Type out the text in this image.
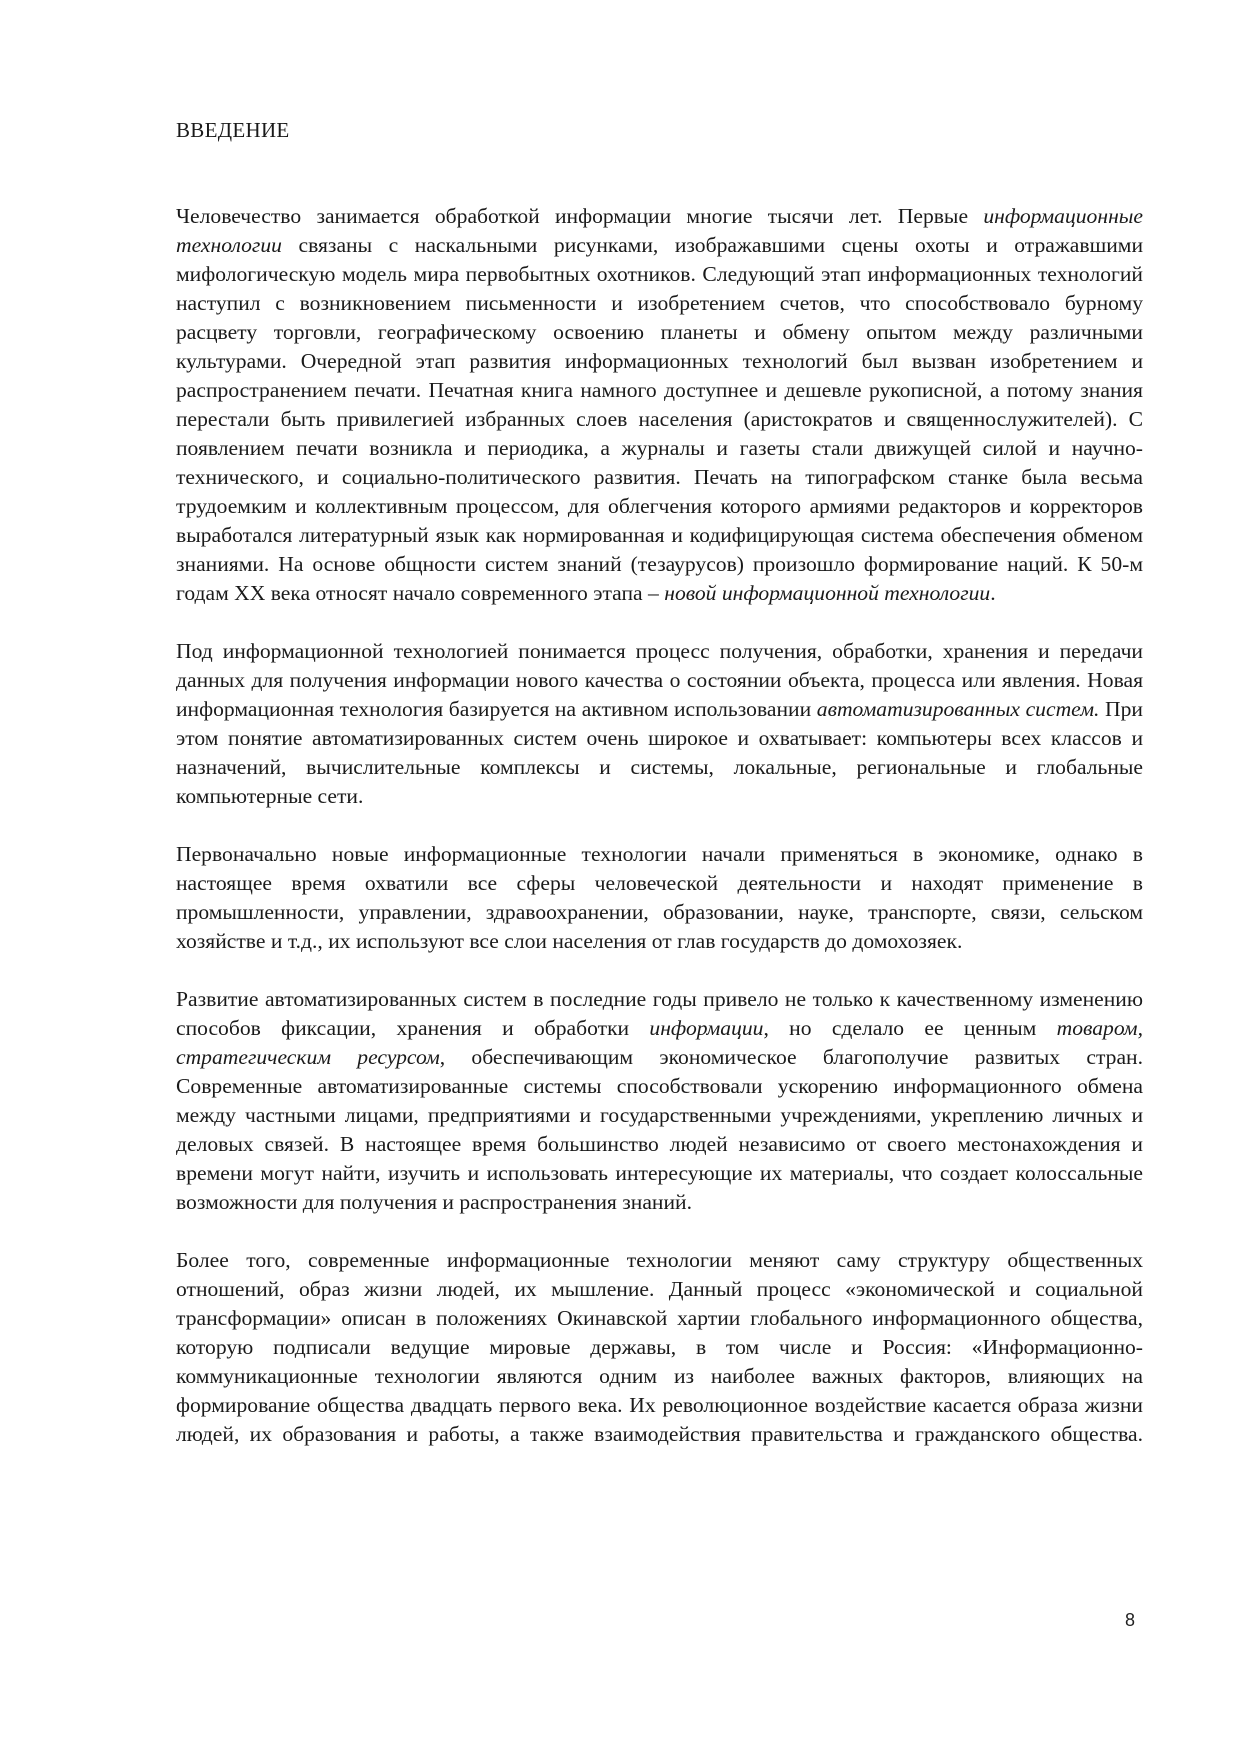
ВВЕДЕНИЕ

Человечество занимается обработкой информации многие тысячи лет. Первые информационные технологии связаны с наскальными рисунками, изображавшими сцены охоты и отражавшими мифологическую модель мира первобытных охотников. Следующий этап информационных технологий наступил с возникновением письменности и изобретением счетов, что способствовало бурному расцвету торговли, географическому освоению планеты и обмену опытом между различными культурами. Очередной этап развития информационных технологий был вызван изобретением и распространением печати. Печатная книга намного доступнее и дешевле рукописной, а потому знания перестали быть привилегией избранных слоев населения (аристократов и священнослужителей). С появлением печати возникла и периодика, а журналы и газеты стали движущей силой и научно-технического, и социально-политического развития. Печать на типографском станке была весьма трудоемким и коллективным процессом, для облегчения которого армиями редакторов и корректоров выработался литературный язык как нормированная и кодифицирующая система обеспечения обменом знаниями. На основе общности систем знаний (тезаурусов) произошло формирование наций. К 50-м годам XX века относят начало современного этапа – новой информационной технологии.

Под информационной технологией понимается процесс получения, обработки, хранения и передачи данных для получения информации нового качества о состоянии объекта, процесса или явления. Новая информационная технология базируется на активном использовании автоматизированных систем. При этом понятие автоматизированных систем очень широкое и охватывает: компьютеры всех классов и назначений, вычислительные комплексы и системы, локальные, региональные и глобальные компьютерные сети.

Первоначально новые информационные технологии начали применяться в экономике, однако в настоящее время охватили все сферы человеческой деятельности и находят применение в промышленности, управлении, здравоохранении, образовании, науке, транспорте, связи, сельском хозяйстве и т.д., их используют все слои населения от глав государств до домохозяек.

Развитие автоматизированных систем в последние годы привело не только к качественному изменению способов фиксации, хранения и обработки информации, но сделало ее ценным товаром, стратегическим ресурсом, обеспечивающим экономическое благополучие развитых стран. Современные автоматизированные системы способствовали ускорению информационного обмена между частными лицами, предприятиями и государственными учреждениями, укреплению личных и деловых связей. В настоящее время большинство людей независимо от своего местонахождения и времени могут найти, изучить и использовать интересующие их материалы, что создает колоссальные возможности для получения и распространения знаний.

Более того, современные информационные технологии меняют саму структуру общественных отношений, образ жизни людей, их мышление. Данный процесс «экономической и социальной трансформации» описан в положениях Окинавской хартии глобального информационного общества, которую подписали ведущие мировые державы, в том числе и Россия: «Информационно-коммуникационные технологии являются одним из наиболее важных факторов, влияющих на формирование общества двадцать первого века. Их революционное воздействие касается образа жизни людей, их образования и работы, а также взаимодействия правительства и гражданского общества.

8
